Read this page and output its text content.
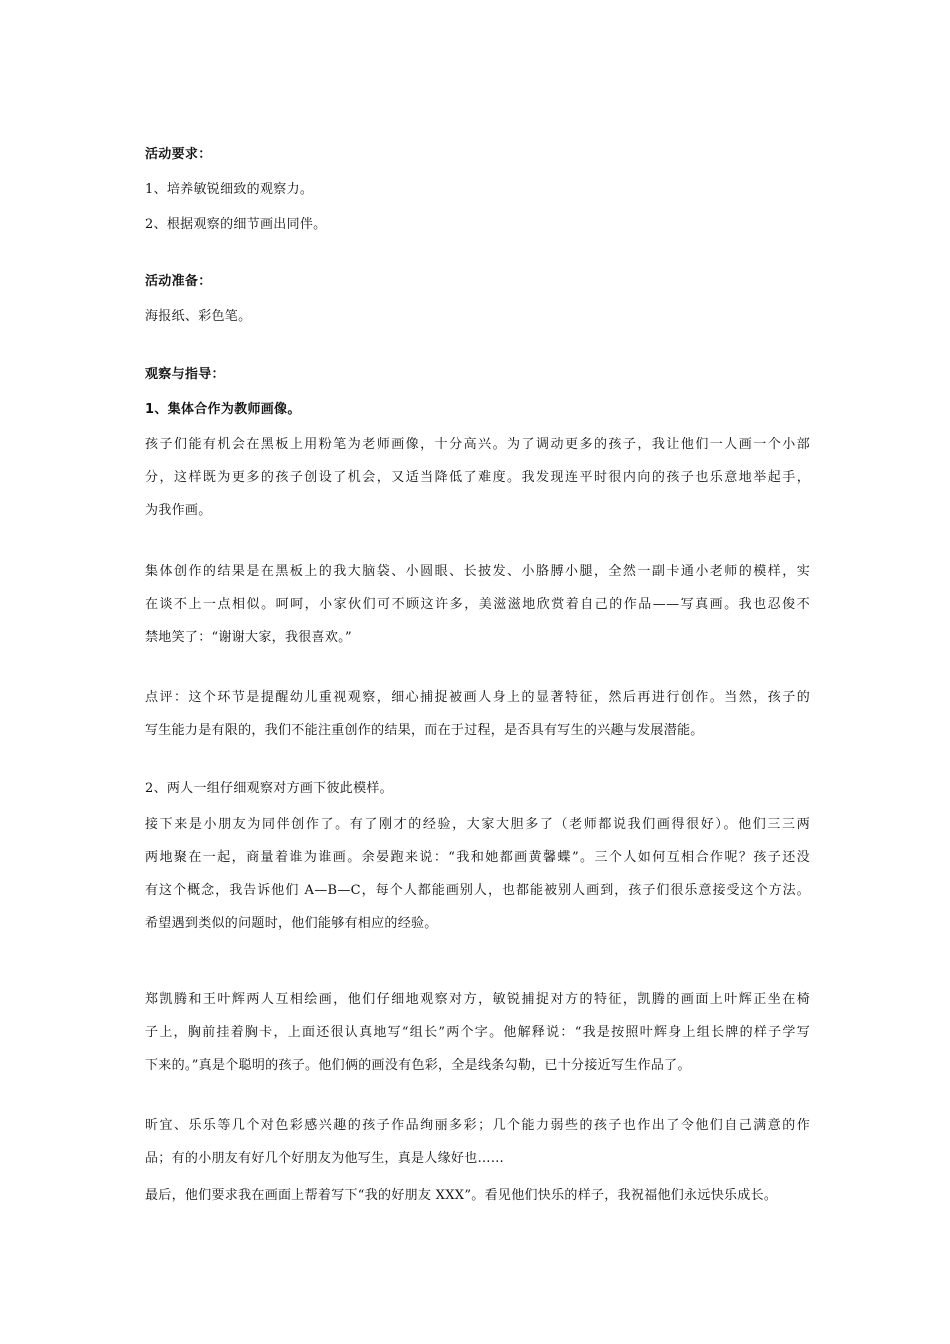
活动要求：
1、培养敏锐细致的观察力。
2、根据观察的细节画出同伴。
活动准备：
海报纸、彩色笔。
观察与指导：
1、集体合作为教师画像。
孩子们能有机会在黑板上用粉笔为老师画像，十分高兴。为了调动更多的孩子，我让他们一人画一个小部
分，这样既为更多的孩子创设了机会，又适当降低了难度。我发现连平时很内向的孩子也乐意地举起手，
为我作画。
集体创作的结果是在黑板上的我大脑袋、小圆眼、长披发、小胳膊小腿，全然一副卡通小老师的模样，实
在谈不上一点相似。呵呵，小家伙们可不顾这许多，美滋滋地欣赏着自己的作品——写真画。我也忍俊不
禁地笑了：“谢谢大家，我很喜欢。”
点评：这个环节是提醒幼儿重视观察，细心捕捉被画人身上的显著特征，然后再进行创作。当然，孩子的
写生能力是有限的，我们不能注重创作的结果，而在于过程，是否具有写生的兴趣与发展潜能。
2、两人一组仔细观察对方画下彼此模样。
接下来是小朋友为同伴创作了。有了刚才的经验，大家大胆多了（老师都说我们画得很好）。他们三三两
两地聚在一起，商量着谁为谁画。余晏跑来说：“我和她都画黄馨蝶”。三个人如何互相合作呢？孩子还没
有这个概念，我告诉他们 A—B—C，每个人都能画别人，也都能被别人画到，孩子们很乐意接受这个方法。
希望遇到类似的问题时，他们能够有相应的经验。
郑凯腾和王叶辉两人互相绘画，他们仔细地观察对方，敏锐捕捉对方的特征，凯腾的画面上叶辉正坐在椅
子上，胸前挂着胸卡，上面还很认真地写“组长”两个字。他解释说：“我是按照叶辉身上组长牌的样子学写
下来的。”真是个聪明的孩子。他们俩的画没有色彩，全是线条勾勒，已十分接近写生作品了。
昕宜、乐乐等几个对色彩感兴趣的孩子作品绚丽多彩；几个能力弱些的孩子也作出了令他们自己满意的作
品；有的小朋友有好几个好朋友为他写生，真是人缘好也……
最后，他们要求我在画面上帮着写下“我的好朋友 XXX”。看见他们快乐的样子，我祝福他们永远快乐成长。
